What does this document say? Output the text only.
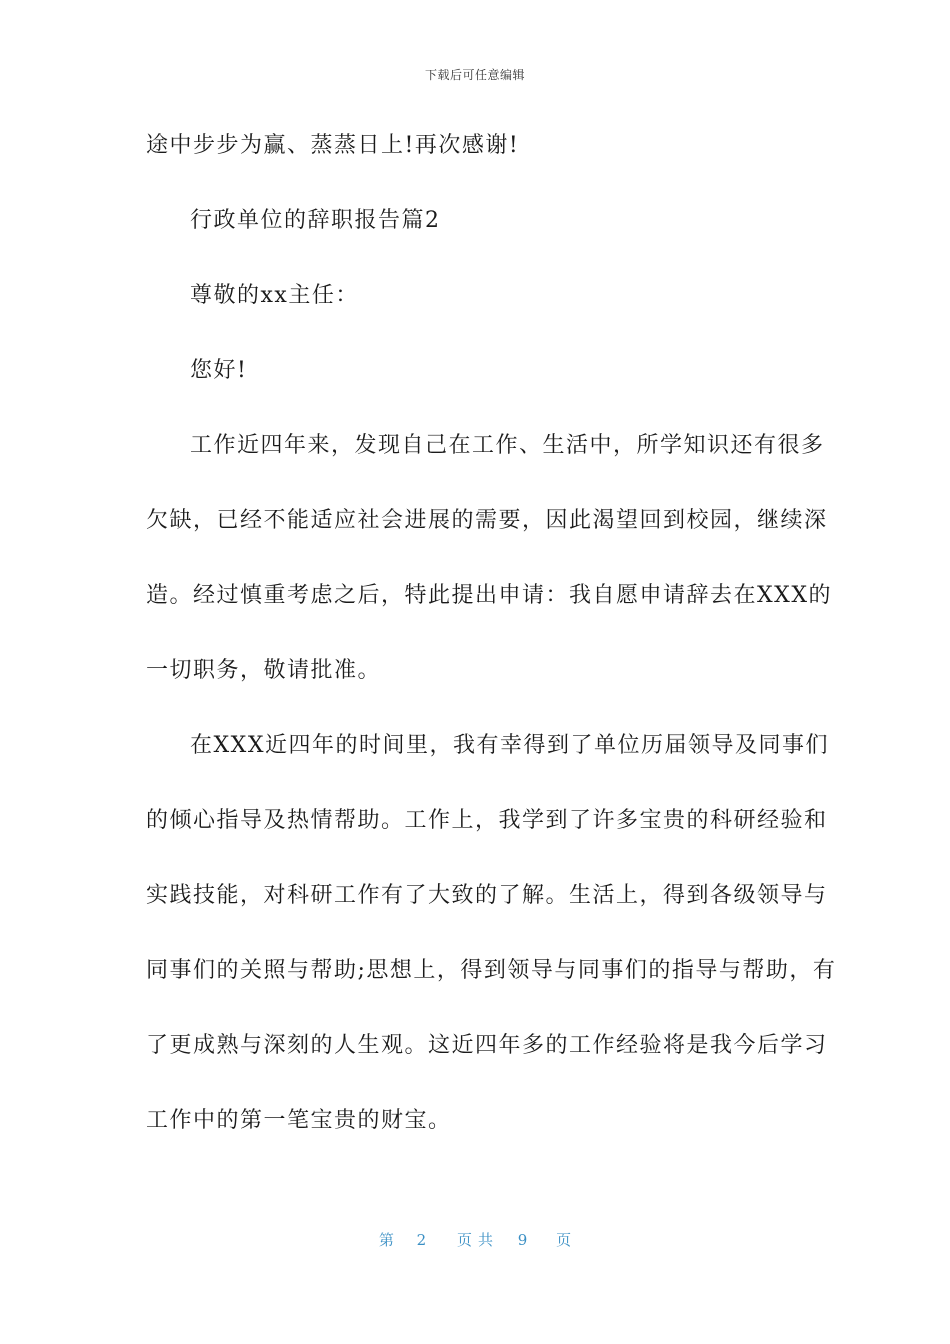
下载后可任意编辑
途中步步为赢、蒸蒸日上!再次感谢!
行政单位的辞职报告篇2
尊敬的xx主任：
您好!
工作近四年来，发现自己在工作、生活中，所学知识还有很多
欠缺，已经不能适应社会进展的需要，因此渴望回到校园，继续深
造。经过慎重考虑之后，特此提出申请：我自愿申请辞去在XXX的
一切职务，敬请批准。
在XXX近四年的时间里，我有幸得到了单位历届领导及同事们
的倾心指导及热情帮助。工作上，我学到了许多宝贵的科研经验和
实践技能，对科研工作有了大致的了解。生活上，得到各级领导与
同事们的关照与帮助;思想上，得到领导与同事们的指导与帮助，有
了更成熟与深刻的人生观。这近四年多的工作经验将是我今后学习
工作中的第一笔宝贵的财宝。
第 2 页共 9 页
